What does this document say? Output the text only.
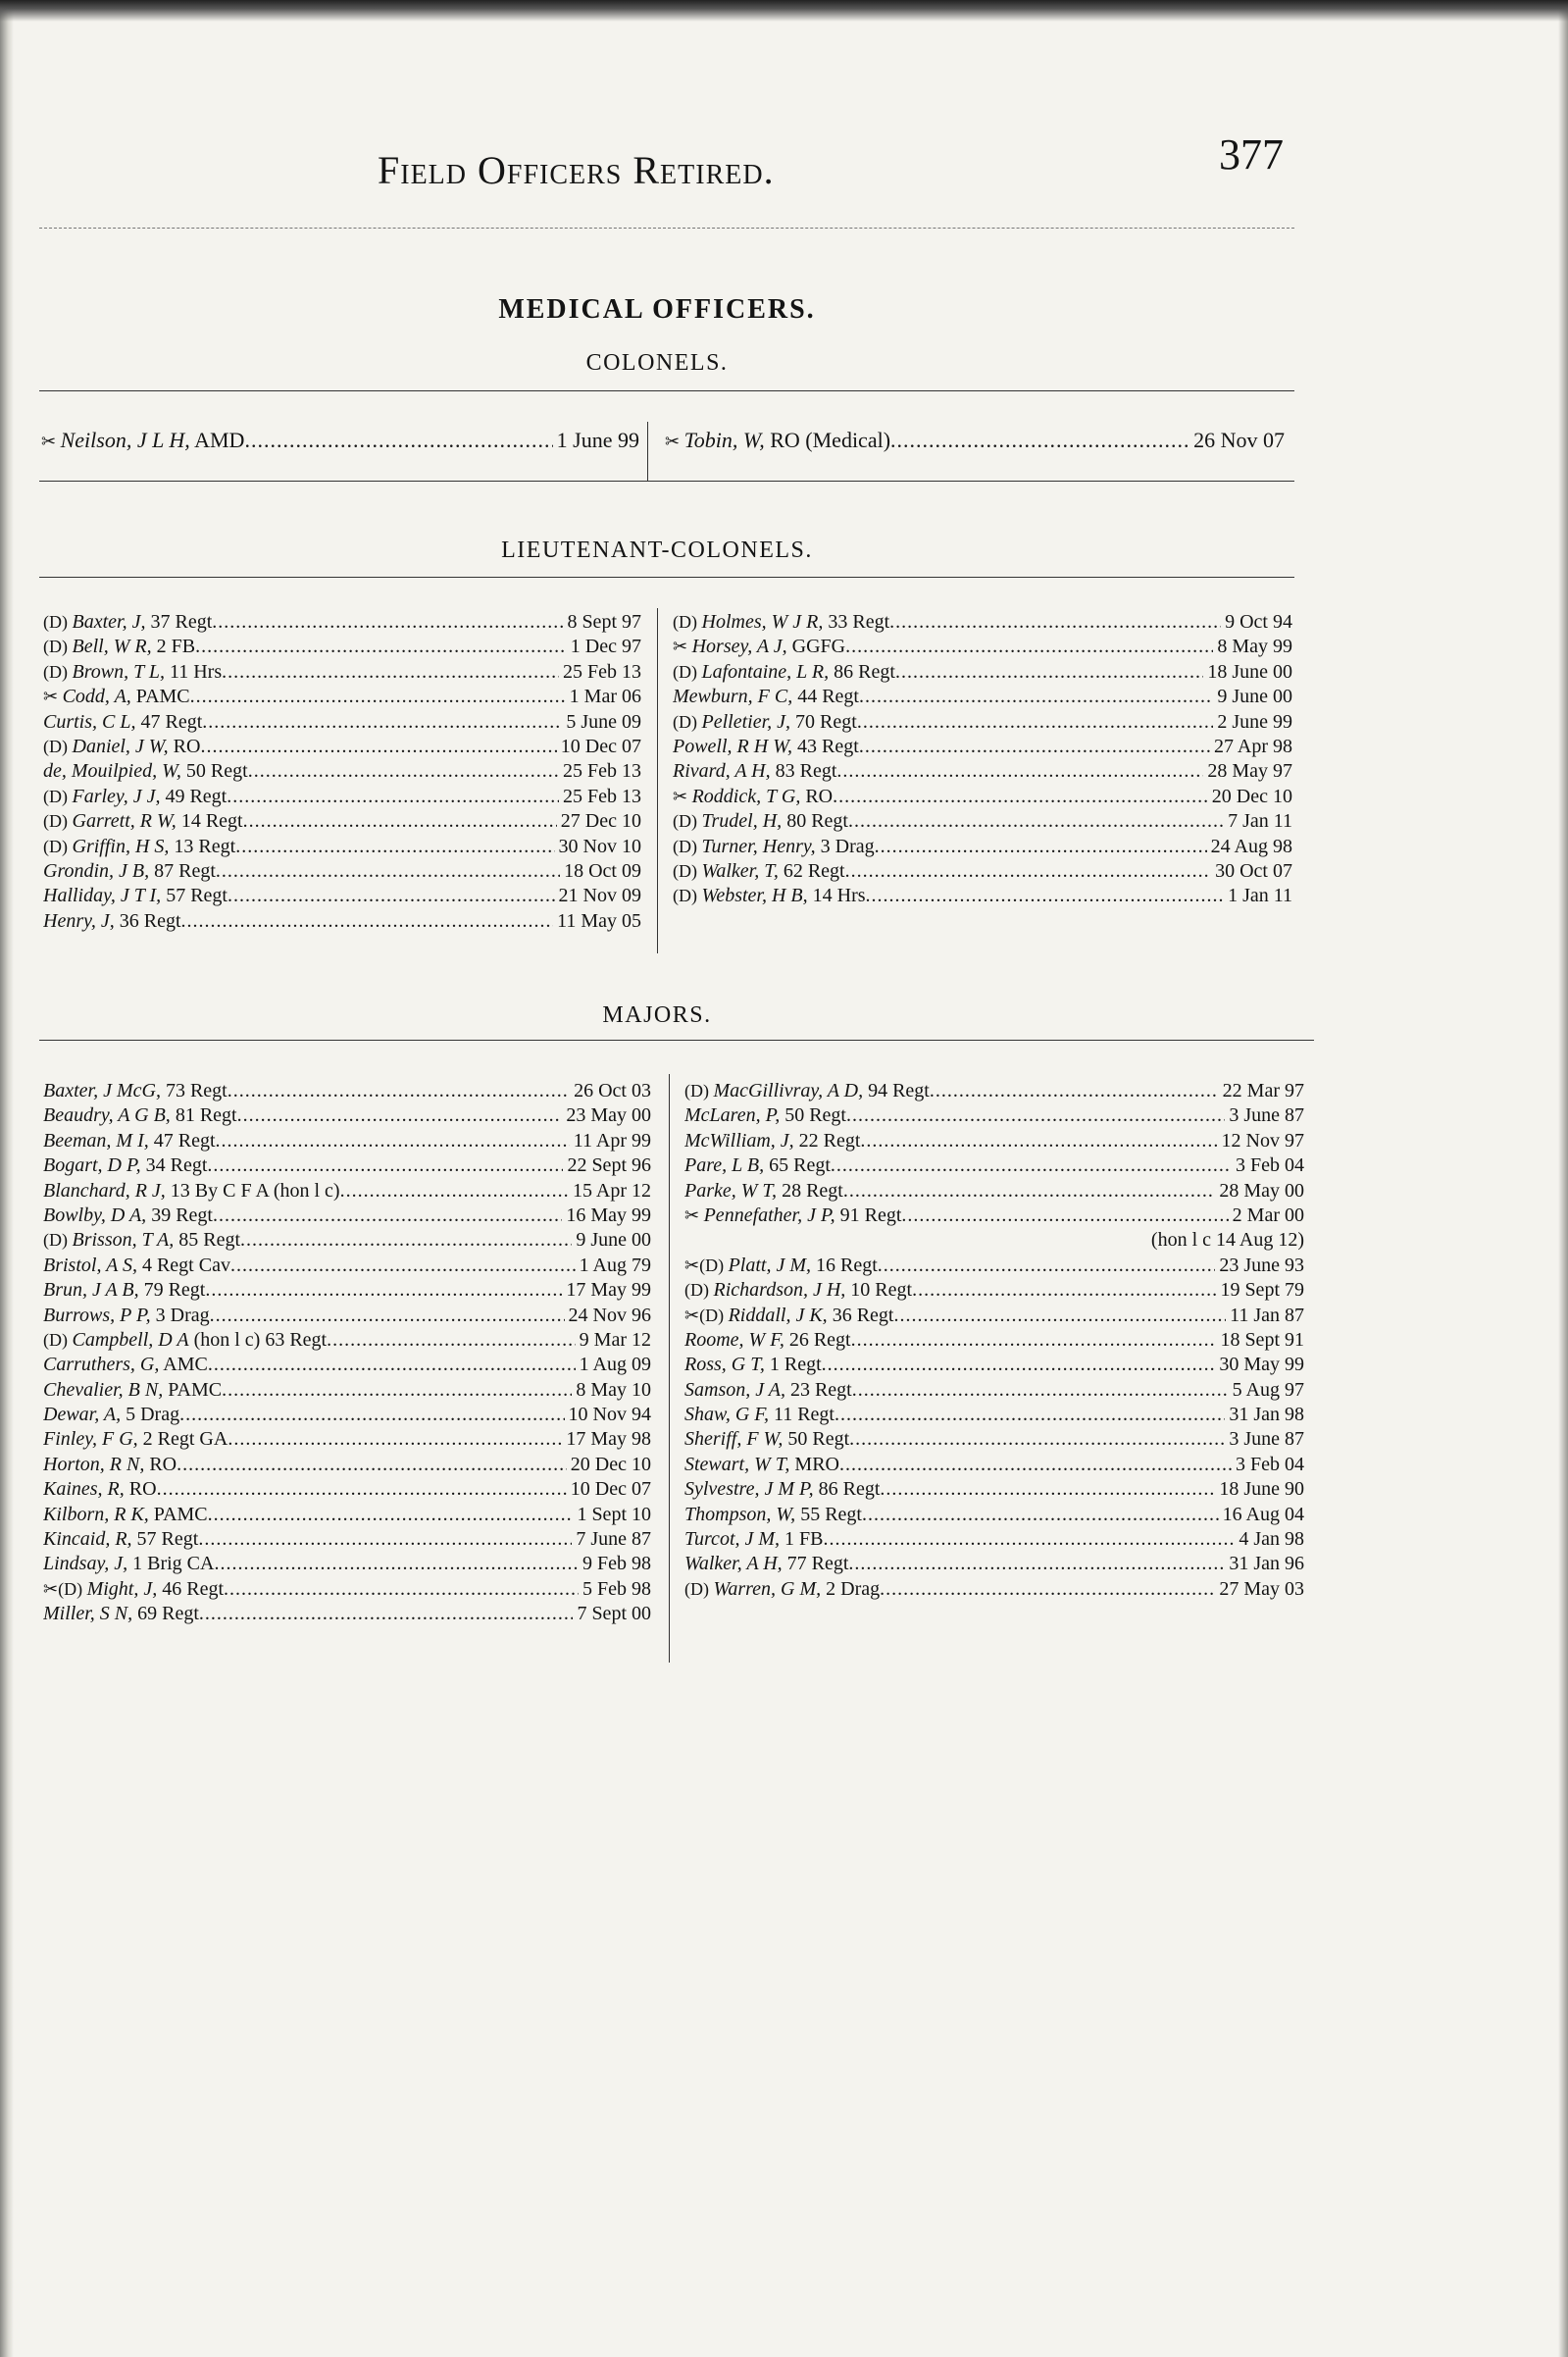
Field Officers Retired.	377
MEDICAL OFFICERS.
COLONELS.
✂ Neilson, J L H, AMD .....	1 June 99 ✂ Tobin, W, RO (Medical) .....	26 Nov 07
LIEUTENANT-COLONELS.
(D) Baxter, J, 37 Regt .....	8 Sept 97
(D) Bell, W R, 2 FB .....	1 Dec 97
(D) Brown, T L, 11 Hrs .....	25 Feb 13
✂ Codd, A, PAMC .....	1 Mar 06
Curtis, C L, 47 Regt .....	5 June 09
(D) Daniel, J W, RO .....	10 Dec 07
de, Mouilpied, W, 50 Regt .....	25 Feb 13
(D) Farley, J J, 49 Regt .....	25 Feb 13
(D) Garrett, R W, 14 Regt .....	27 Dec 10
(D) Griffin, H S, 13 Regt .....	30 Nov 10
Grondin, J B, 87 Regt .....	18 Oct 09
Halliday, J T I, 57 Regt .....	21 Nov 09
Henry, J, 36 Regt .....	11 May 05
(D) Holmes, W J R, 33 Regt .....	9 Oct 94
✂ Horsey, A J, GGFG .....	8 May 99
(D) Lafontaine, L R, 86 Regt .....	18 June 00
Mewburn, F C, 44 Regt .....	9 June 00
(D) Pelletier, J, 70 Regt .....	2 June 99
Powell, R H W, 43 Regt .....	27 Apr 98
Rivard, A H, 83 Regt .....	28 May 97
✂ Roddick, T G, RO .....	20 Dec 10
(D) Trudel, H, 80 Regt .....	7 Jan 11
(D) Turner, Henry, 3 Drag .....	24 Aug 98
(D) Walker, T, 62 Regt .....	30 Oct 07
(D) Webster, H B, 14 Hrs .....	1 Jan 11
MAJORS.
Baxter, J McG, 73 Regt .....	26 Oct 03
Beaudry, A G B, 81 Regt .....	23 May 00
Beeman, M I, 47 Regt .....	11 Apr 99
Bogart, D P, 34 Regt .....	22 Sept 96
Blanchard, R J, 13 By C F A (hon l c) .....	15 Apr 12
Bowlby, D A, 39 Regt .....	16 May 99
(D) Brisson, T A, 85 Regt .....	9 June 00
Bristol, A S, 4 Regt Cav .....	1 Aug 79
Brun, J A B, 79 Regt .....	17 May 99
Burrows, P P, 3 Drag .....	24 Nov 96
(D) Campbell, D A (hon l c) 63 Regt .....	9 Mar 12
Carruthers, G, AMC .....	1 Aug 09
Chevalier, B N, PAMC .....	8 May 10
Dewar, A, 5 Drag .....	10 Nov 94
Finley, F G, 2 Regt GA .....	17 May 98
Horton, R N, RO .....	20 Dec 10
Kaines, R, RO .....	10 Dec 07
Kilborn, R K, PAMC .....	1 Sept 10
Kincaid, R, 57 Regt .....	7 June 87
Lindsay, J, 1 Brig CA .....	9 Feb 98
✂(D) Might, J, 46 Regt .....	5 Feb 98
Miller, S N, 69 Regt .....	7 Sept 00
(D) MacGillivray, A D, 94 Regt .....	22 Mar 97
McLaren, P, 50 Regt .....	3 June 87
McWilliam, J, 22 Regt .....	12 Nov 97
Pare, L B, 65 Regt .....	3 Feb 04
Parke, W T, 28 Regt .....	28 May 00
✂ Pennefather, J P, 91 Regt .....	2 Mar 00
(hon l c 14 Aug 12)
✂(D) Platt, J M, 16 Regt .....	23 June 93
(D) Richardson, J H, 10 Regt .....	19 Sept 79
✂(D) Riddall, J K, 36 Regt .....	11 Jan 87
Roome, W F, 26 Regt .....	18 Sept 91
Ross, G T, 1 Regt .....	30 May 99
Samson, J A, 23 Regt .....	5 Aug 97
Shaw, G F, 11 Regt .....	31 Jan 98
Sheriff, F W, 50 Regt .....	3 June 87
Stewart, W T, MRO .....	3 Feb 04
Sylvestre, J M P, 86 Regt .....	18 June 90
Thompson, W, 55 Regt .....	16 Aug 04
Turcot, J M, 1 FB .....	4 Jan 98
Walker, A H, 77 Regt .....	31 Jan 96
(D) Warren, G M, 2 Drag .....	27 May 03
